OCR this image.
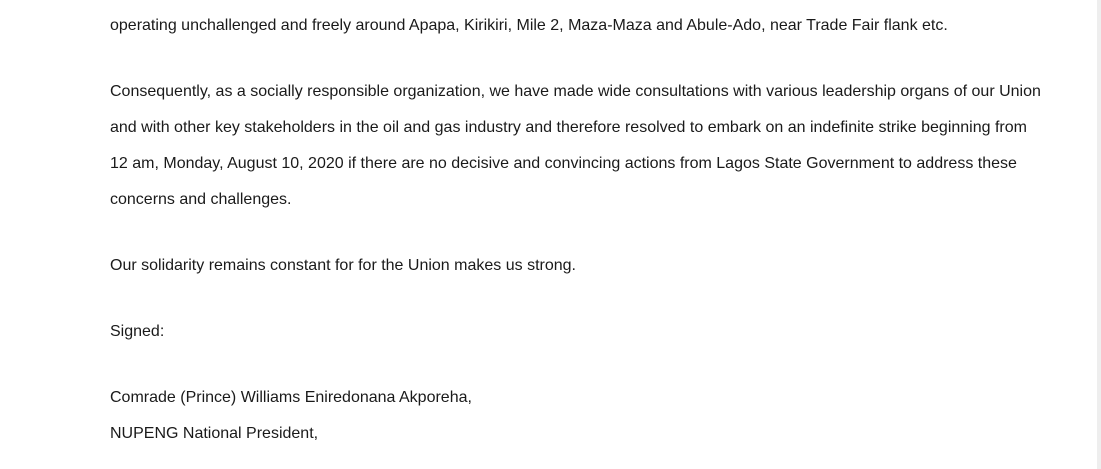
operating unchallenged and freely around Apapa, Kirikiri, Mile 2, Maza-Maza and Abule-Ado, near Trade Fair flank etc.

Consequently, as a socially responsible organization, we have made wide consultations with various leadership organs of our Union

and with other key stakeholders in the oil and gas industry and therefore resolved to embark on an indefinite strike beginning from

12 am, Monday, August 10, 2020 if there are no decisive and convincing actions from Lagos State Government to address these

concerns and challenges.

Our solidarity remains constant for for the Union makes us strong.

Signed:

Comrade (Prince) Williams Eniredonana Akporeha,

NUPENG National President,
